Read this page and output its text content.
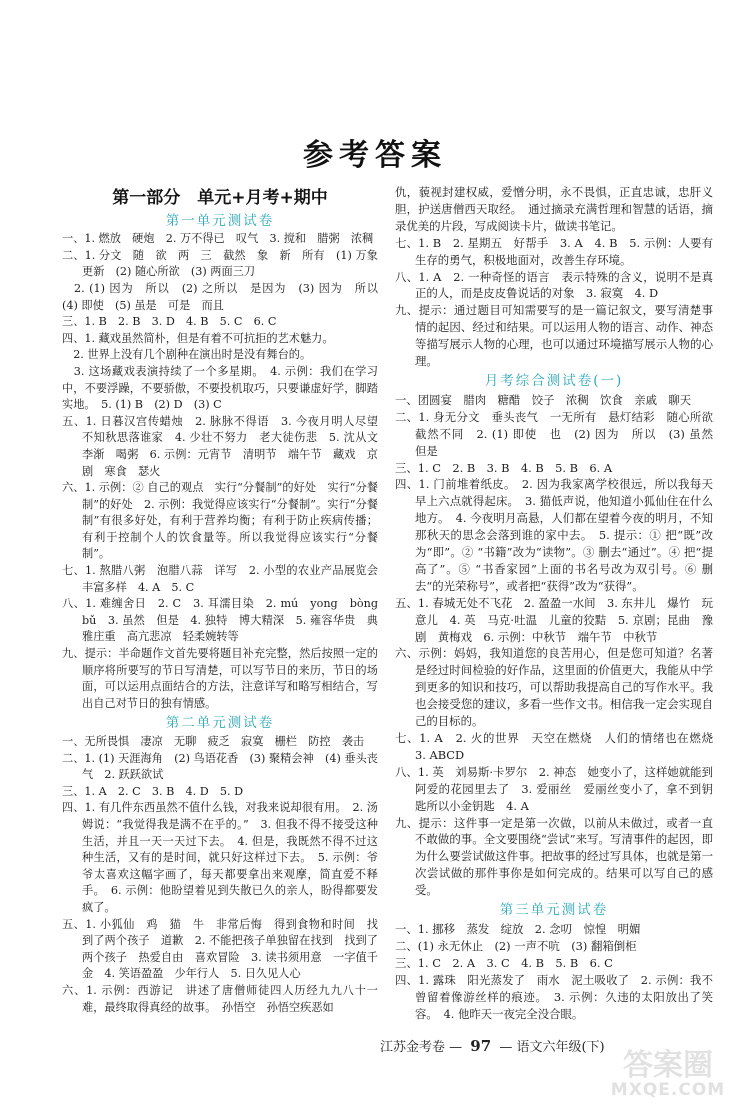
参考答案
第一部分　单元+月考+期中
第一单元测试卷
一、1. 燃放　硬炮　2. 万不得已　叹气　3. 搅和　腊粥　浓稠
二、1. 分文　随　欲　两　三　截然　象　新　所有　(1) 万象更新　(2) 随心所欲　(3) 两面三刀
　2. (1) 因为　所以　(2) 之所以　是因为　(3) 因为　所以　(4) 即使　(5) 虽是　可是　而且
三、1. B　2. B　3. D　4. B　5. C　6. C
四、1. 藏戏虽然简朴，但是有着不可抗拒的艺术魅力。
　2. 世界上没有几个剧种在演出时是没有舞台的。
　3. 这场藏戏表演持续了一个多星期。　4. 示例：我们在学习中，不要浮躁，不要骄傲，不要投机取巧，只要谦虚好学，脚踏实地。　5. (1) B　(2) D　(3) C
五、1. 日暮汉宫传蜡烛　2. 脉脉不得语　3. 今夜月明人尽望　不知秋思落谁家　4. 少壮不努力　老大徒伤悲　5. 沈从文　李渐　喝粥　6. 示例：元宵节　清明节　端午节　藏戏　京剧　寒食　瑟火
六、1. 示例：② 自己的观点　实行“分餐制”的好处　实行“分餐制”的好处　2. 示例：我觉得应该实行“分餐制”。实行“分餐制”有很多好处，有利于营养均衡；有利于防止疾病传播；有利于控制个人的饮食量等。所以我觉得应该实行“分餐制”。
七、1. 熬腊八粥　泡腊八蒜　详写　2. 小型的农业产品展览会　丰富多样　4. A　5. C
八、1. 难缠舍日　2. C　3. 耳濡目染　2. mú　yong　bòng　bǔ　3. 虽然　但是　4. 独特　博大精深　5. 雍容华贵　典雅庄重　高亢悲凉　轻柔婉转等
九、提示：半命题作文首先要将题目补充完整，然后按照一定的顺序将所要写的节日写清楚，可以写节日的来历，节日的场面，可以运用点面结合的方法，注意详写和略写相结合，写出自己对节日的独有情感。
第二单元测试卷
一、无所畏惧　凄凉　无聊　疲乏　寂寞　栅栏　防控　袭击
二、1. (1) 天涯海角　(2) 鸟语花香　(3) 聚精会神　(4) 垂头丧气　2. 跃跃欲试
三、1. A　2. C　3. B　4. D　5. D
四、1. 有几件东西虽然不值什么钱，对我来说却很有用。　2. 汤姆说：“我觉得我是满不在乎的。”　3. 但我不得不接受这种生活，并且一天一天过下去。　4. 但是，我既然不得不过这种生活，又有的是时间，就只好这样过下去。　5. 示例：爷爷太喜欢这幅字画了，每天都要拿出来观摩，简直爱不释手。　6. 示例：他盼望着见到失散已久的亲人，盼得都要发疯了。
五、1. 小狐仙　鸡　猫　牛　非常后悔　得到食物和时间　找到了两个孩子　道歉　2. 不能把孩子单独留在找到　找到了两个孩子　热爱自由　喜欢冒险　3. 读书须用意　一字值千金　4. 笑语盈盈　少年行人　5. 日久见人心
六、1. 示例：西游记　讲述了唐僧师徒四人历经九九八十一难，最终取得真经的故事。　孙悟空　孙悟空疾恶如
仇，藐视封建权威，爱憎分明，永不畏惧，正直忠诚，忠肝义胆，护送唐僧西天取经。　通过摘录充满哲理和智慧的话语，摘录优美的片段，写成阅读卡片，做读书笔记。
七、1. B　2. 星期五　好帮手　3. A　4. B　5. 示例：人要有生存的勇气，积极地面对，改善生存环境。
八、1. A　2. 一种奇怪的语言　表示特殊的含义，说明不是真正的人，而是皮皮鲁说话的对象　3. 寂寞　4. D
九、提示：通过题目可知需要写的是一篇记叙文，要写清楚事情的起因、经过和结果。可以运用人物的语言、动作、神态等描写展示人物的心理，也可以通过环境描写展示人物的心理。
月考综合测试卷(一)
一、团圆宴　腊肉　糖醋　饺子　浓稠　饮食　亲戚　聊天
二、1. 身无分文　垂头丧气　一无所有　悬灯结彩　随心所欲　截然不同　2. (1) 即使　也　(2) 因为　所以　(3) 虽然　但是
三、1. C　2. B　3. B　4. B　5. B　6. A
四、1. 门前堆着纸皮。　2. 因为我家离学校很远，所以我每天早上六点就得起床。　3. 猫低声说，他知道小狐仙住在什么地方。　4. 今夜明月高悬，人们都在望着今夜的明月，不知那秋天的思念会落到谁的家中去。　5. 提示：① 把“既”改为“即”。② “书籍”改为“读物”。③ 删去“通过”。④ 把“提高了”。⑤ “书香家园”上面的书名号改为双引号。⑥ 删去“的光荣称号”，或者把“获得”改为“获得”。
五、1. 春城无处不飞花　2. 盈盈一水间　3. 东井儿　爆竹　玩意儿　4. 英　马克·吐温　儿童的狡黠　5. 京剧；昆曲　豫剧　黄梅戏　6. 示例：中秋节　端午节　中秋节
六、示例：妈妈，我知道您的良苦用心，但是您可知道？名著是经过时间检验的好作品，这里面的价值更大，我能从中学到更多的知识和技巧，可以帮助我提高自己的写作水平。我也会接受您的建议，多看一些作文书。相信我一定会实现自己的目标的。
七、1. A　2. 火的世界　天空在燃烧　人们的情绪也在燃烧　3. ABCD
八、1. 英　刘易斯·卡罗尔　2. 神态　她变小了，这样她就能到阿爱的花园里去了　3. 爱丽丝　爱丽丝变小了，拿不到钥匙所以小金钥匙　4. A
九、提示：这件事一定是第一次做，以前从未做过，或者一直不敢做的事。全文要围绕“尝试”来写。写清事件的起因，即为什么要尝试做这件事。把故事的经过写具体，也就是第一次尝试做的那件事你是如何完成的。结果可以写自己的感受。
第三单元测试卷
一、1. 挪移　蒸发　绽放　2. 念叨　惊惶　明媚
二、(1) 永无休止　(2) 一声不吭　(3) 翻箱倒柜
三、1. C　2. A　3. C　4. B　5. B　6. C
四、1. 露珠　阳光蒸发了　雨水　泥土吸收了　2. 示例：我不曾留着像游丝样的痕迹。　3. 示例：久违的太阳放出了笑容。　4. 他昨天一夜完全没合眼。
江苏金考卷 — 97 — 语文六年级(下)
答案圈
MXQE.COM
